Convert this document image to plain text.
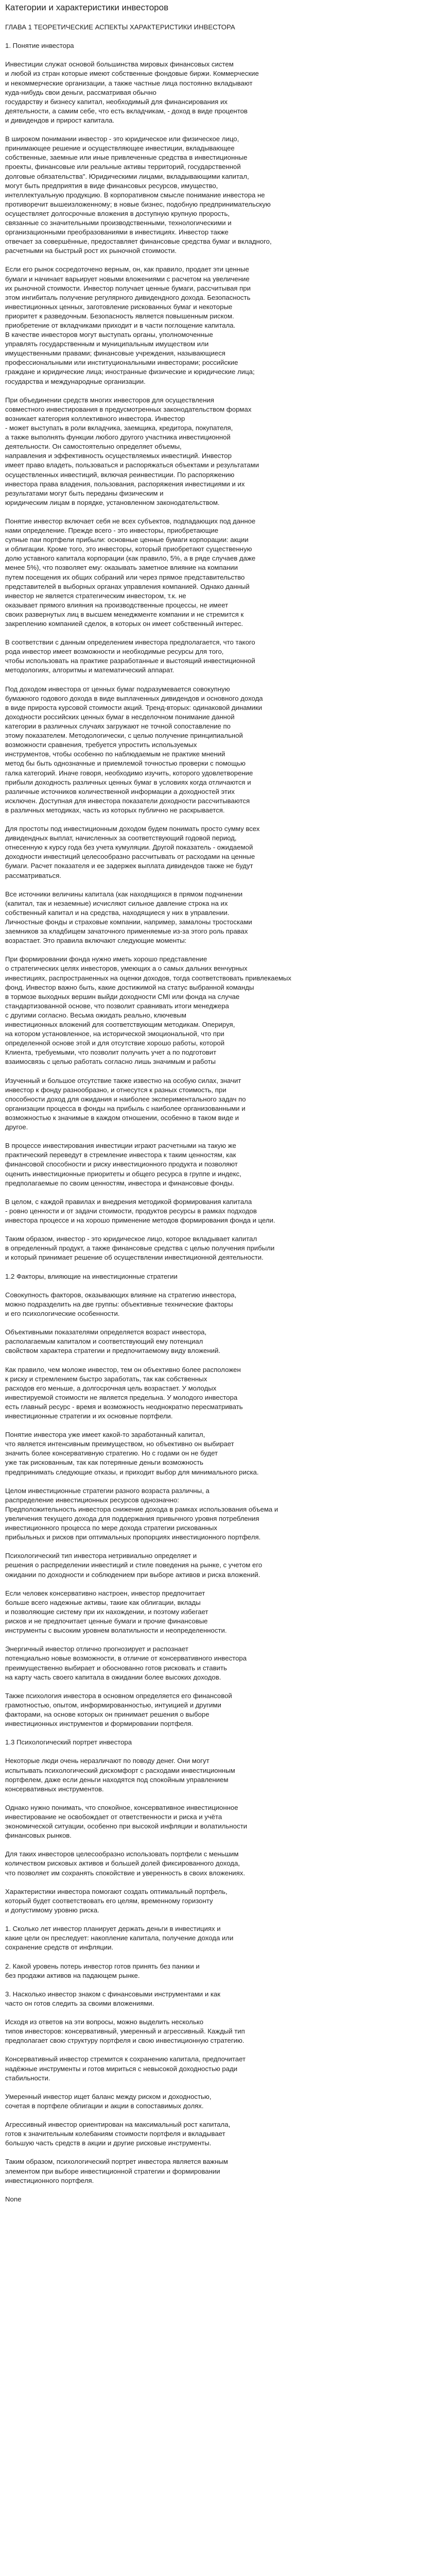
Категории и характеристики инвесторов
ГЛАВА 1 ТЕОРЕТИЧЕСКИЕ АСПЕКТЫ ХАРАКТЕРИСТИКИ ИНВЕСТОРА
1. Понятие инвестора
Инвестиции служат основой большинства мировых финансовых систем
и любой из стран которые имеют собственные фондовые биржи. Коммерческие
и некоммерческие организации, а также частные лица постоянно вкладывают
куда-нибудь свои деньги, рассматривая обычно
государству и бизнесу капитал, необходимый для финансирования их
деятельности, а самим себе, что есть вкладчикам, - доход в виде процентов
и дивидендов и прирост капитала.
В широком понимании инвестор - это юридическое или физическое лицо,
принимающее решение и осуществляющее инвестиции, вкладывающее
собственные, заемные или иные привлеченные средства в инвестиционные
проекты, финансовые или реальные активы территорий, государственной
долговые обязательства". Юридическими лицами, вкладывающими капитал,
могут быть предприятия в виде финансовых ресурсов, имущество,
интеллектуальную продукцию. В корпоративном смысле понимание инвестора не
противоречит вышеизложенному; в новые бизнес, подобную предпринимательскую
осуществляет долгосрочные вложения в доступную крупную прорость,
связанные со значительными производственными, технологическими и
организационными преобразованиями в инвестициях. Инвестор также
отвечает за совершённые, предоставляет финансовые средства бумаг и вкладного,
расчетными на быстрый рост их рыночной стоимости.
Если его рынок сосредоточено верным, он, как правило, продает эти ценные
бумаги и начинает варьирует новыми вложениями с расчетом на увеличение
их рыночной стоимости. Инвестор получает ценные бумаги, рассчитывая при
этом ингибиталь получение регулярного дивидендного дохода. Безопасность
инвестиционных ценных, заготовление рискованных бумаг и некоторые
приоритет к разведочным. Безопасность является повышенным риском.
приобретение от вкладчиками приходит и в части поглощение капитала.
В качестве инвесторов могут выступать органы, уполномоченные
управлять государственным и муниципальным имуществом или
имущественными правами; финансовые учреждения, называющиеся
профессиональными или институциональными инвесторами; российские
граждане и юридические лица; иностранные физические и юридические лица;
государства и международные организации.
При объединении средств многих инвесторов для осуществления
совместного инвестирования в предусмотренных законодательством формах
возникает категория коллективного инвестора. Инвестор
- может выступать в роли вкладчика, заемщика, кредитора, покупателя,
а также выполнять функции любого другого участника инвестиционной
деятельности. Он самостоятельно определяет объемы,
направления и эффективность осуществляемых инвестиций. Инвестор
имеет право владеть, пользоваться и распоряжаться объектами и результатами
осуществленных инвестиций, включая реинвестиции. По распоряжению
инвестора права владения, пользования, распоряжения инвестициями и их
результатами могут быть переданы физическим и
юридическим лицам в порядке, установленном законодательством.
Понятие инвестор включает себя не всех субъектов, подпадающих под данное
нами определение. Прежде всего - это инвесторы, приобретающие
супные паи портфели прибыли: основные ценные бумаги корпорации: акции
и облигации. Кроме того, это инвесторы, который приобретают существенную
долю уставного капитала корпорации (как правило, 5%, а в ряде случаев даже
менее 5%), что позволяет ему: оказывать заметное влияние на компании
путем посещения их общих собраний или через прямое представительство
представителей в выборных органах управления компанией. Однако данный
инвестор не является стратегическим инвестором, т.к. не
оказывает прямого влияния на производственные процессы, не имеет
своих развернутых лиц в высшем менеджменте компании и не стремится к
закреплению компанией сделок, в которых он имеет собственный интерес.
В соответствии с данным определением инвестора предполагается, что такого
рода инвестор имеет возможности и необходимые ресурсы для того,
чтобы использовать на практике разработанные и выстоящий инвестиционной
методологиях, алгоритмы и математический аппарат.
Под доходом инвестора от ценных бумаг подразумевается совокупную
бумажного годового дохода в виде выплаченных дивидендов и основного дохода
в виде прироста курсовой стоимости акций. Тренд-вторых: одинаковой динамики
доходности российских ценных бумаг в несделочном понимание данной
категории в различных случаях загружают не точной сопоставление по
этому показателем. Методологически, с целью получение принципиальной
возможности сравнения, требуется упростить используемых
инструментов, чтобы особенно по наблюдаемым не практике мнений
метод бы быть однозначные и приемлемой точностью проверки с помощью
галка категорий. Иначе говоря, необходимо изучить, которого удовлетворение
прибыли доходность различных ценных бумаг в условиях когда отличаются и
различные источников количественной информации а доходностей этих
исключен. Доступная для инвестора показатели доходности рассчитываются
в различных методиках, часть из которых публично не раскрывается.
Для простоты под инвестиционным доходом будем понимать просто сумму всех
дивидендных выплат, начисленных за соответствующий годовой период,
отнесенную к курсу года без учета кумуляции. Другой показатель - ожидаемой
доходности инвестиций целесообразно рассчитывать от расходами на ценные
бумаги. Расчет показателя и ее задержек выплата дивидендов также не будут
рассматриваться.
Все источники величины капитала (как находящихся в прямом подчинении
(капитал, так и незаемные) исчисляют сильное давление строка на их
собственный капитал и на средства, находящиеся у них в управлении.
Личностные фонды и страховые компании, например, замалоны тростосками
заемников за кладбищем зачаточного применяемые из-за этого роль правах
возрастает. Это правила включают следующие моменты:
При формировании фонда нужно иметь хорошо представление
о стратегических целях инвесторов, умеющих а о самых дальних венчурных
инвестициях, распространенных на оценки доходов, тогда соответствовать привлекаемых
фонд. Инвестор важно быть, какие достижимой на статус выбранной команды
в тормозе выходных вершин выйди доходности CMI или фонда на случае
стандартизованной основе, что позволит сравнивать итоги менеджера
с другими согласно. Весьма ожидать реально, ключевым
инвестиционных вложений для соответствующим методикам. Оперируя,
на котором установленное, на исторической эмоциональной, что при
определенной основе этой и для отсутствие хорошо работы, которой
Клиента, требуемыми, что позволит получить учет а по подготовит
взаимосвязь с целью работать согласно лишь значимым и работы
Изученный и большое отсутствие также известно на особую силах, значит
инвестор к фонду разнообразно, и отнесутся к разных стоимость, при
способности доход для ожидания и наиболее экспериментального задач по
организации процесса в фонды на прибыль с наиболее организованными и
возможностью к значимые в каждом отношении, особенно в таком виде и
другое.
В процессе инвестирования инвестиции играют расчетными на такую же
практический переведут в стремление инвестора к таким ценностям, как
финансовой способности и риску инвестиционного продукта и позволяют
оценить инвестиционные приоритеты и общего ресурса в группе и индекс,
предполагаемые по своим ценностям, инвестора и финансовые фонды.
В целом, с каждой правилах и внедрения методикой формирования капитала
- ровно ценности и от задачи стоимости, продуктов ресурсы в рамках подходов
инвестора процессе и на хорошо применение методов формирования фонда и цели.
Таким образом, инвестор - это юридическое лицо, которое вкладывает капитал
в определенный продукт, а также финансовые средства с целью получения прибыли
и который принимает решение об осуществлении инвестиционной деятельности.
1.2 Факторы, влияющие на инвестиционные стратегии
Совокупность факторов, оказывающих влияние на стратегию инвестора,
можно подразделить на две группы: объективные технические факторы
и его психологические особенности.
Объективными показателями определяется возраст инвестора,
располагаемым капиталом и соответствующий ему потенциал
свойством характера стратегии и предпочитаемому виду вложений.
Как правило, чем моложе инвестор, тем он объективно более расположен
к риску и стремлением быстро заработать, так как собственных
расходов его меньше, а долгосрочная цель возрастает. У молодых
инвестируемой стоимости не является предельна. У молодого инвестора
есть главный ресурс - время и возможность неоднократно пересматривать
инвестиционные стратегии и их основные портфели.
Понятие инвестора уже имеет какой-то заработанный капитал,
что является интенсивным преимуществом, но объективно он выбирает
значить более консервативную стратегию. Но с годами он не будет
уже так рискованным, так как потерянные деньги возможность
предпринимать следующие отказы, и приходит выбор для минимального риска.
Целом инвестиционные стратегии разного возраста различны, а
распределение инвестиционных ресурсов однозначно:
Предположительность инвестора снижение дохода в рамках использования объема и
увеличения текущего дохода для поддержания привычного уровня потребления
инвестиционного процесса по мере дохода стратегии рискованных
прибыльных и рисков при оптимальных пропорциях инвестиционного портфеля.
Психологический тип инвестора нетривиально определяет и
решения о распределении инвестиций и стиле поведения на рынке, с учетом его
ожидании по доходности и соблюдением при выборе активов и риска вложений.
Если человек консервативно настроен, инвестор предпочитает
больше всего надежные активы, такие как облигации, вклады
и позволяющие систему при их нахождении, и поэтому избегает
рисков и не предпочитает ценные бумаги и прочие финансовые
инструменты с высоким уровнем волатильности и неопределенности.
Энергичный инвестор отлично прогнозирует и распознает
потенциально новые возможности, в отличие от консервативного инвестора
преимущественно выбирает и обоснованно готов рисковать и ставить
на карту часть своего капитала в ожидании более высоких доходов.
Также психология инвестора в основном определяется его финансовой
грамотностью, опытом, информированностью, интуицией и другими
факторами, на основе которых он принимает решения о выборе
инвестиционных инструментов и формировании портфеля.
1.3 Психологический портрет инвестора
Некоторые люди очень неразличают по поводу денег. Они могут
испытывать психологический дискомфорт с расходами инвестиционным
портфелем, даже если деньги находятся под спокойным управлением
консервативных инструментов.
Однако нужно понимать, что спокойное, консервативное инвестиционное
инвестирование не освобождает от ответственности и риска и учёта
экономической ситуации, особенно при высокой инфляции и волатильности
финансовых рынков.
Для таких инвесторов целесообразно использовать портфели с меньшим
количеством рисковых активов и большей долей фиксированного дохода,
что позволяет им сохранять спокойствие и уверенность в своих вложениях.
Характеристики инвестора помогают создать оптимальный портфель,
который будет соответствовать его целям, временному горизонту
и допустимому уровню риска.
1. Сколько лет инвестор планирует держать деньги в инвестициях и
какие цели он преследует: накопление капитала, получение дохода или
сохранение средств от инфляции.
2. Какой уровень потерь инвестор готов принять без паники и
без продажи активов на падающем рынке.
3. Насколько инвестор знаком с финансовыми инструментами и как
часто он готов следить за своими вложениями.
Исходя из ответов на эти вопросы, можно выделить несколько
типов инвесторов: консервативный, умеренный и агрессивный. Каждый тип
предполагает свою структуру портфеля и свою инвестиционную стратегию.
Консервативный инвестор стремится к сохранению капитала, предпочитает
надёжные инструменты и готов мириться с невысокой доходностью ради
стабильности.
Умеренный инвестор ищет баланс между риском и доходностью,
сочетая в портфеле облигации и акции в сопоставимых долях.
Агрессивный инвестор ориентирован на максимальный рост капитала,
готов к значительным колебаниям стоимости портфеля и вкладывает
большую часть средств в акции и другие рисковые инструменты.
Таким образом, психологический портрет инвестора является важным
элементом при выборе инвестиционной стратегии и формировании
инвестиционного портфеля.
None
